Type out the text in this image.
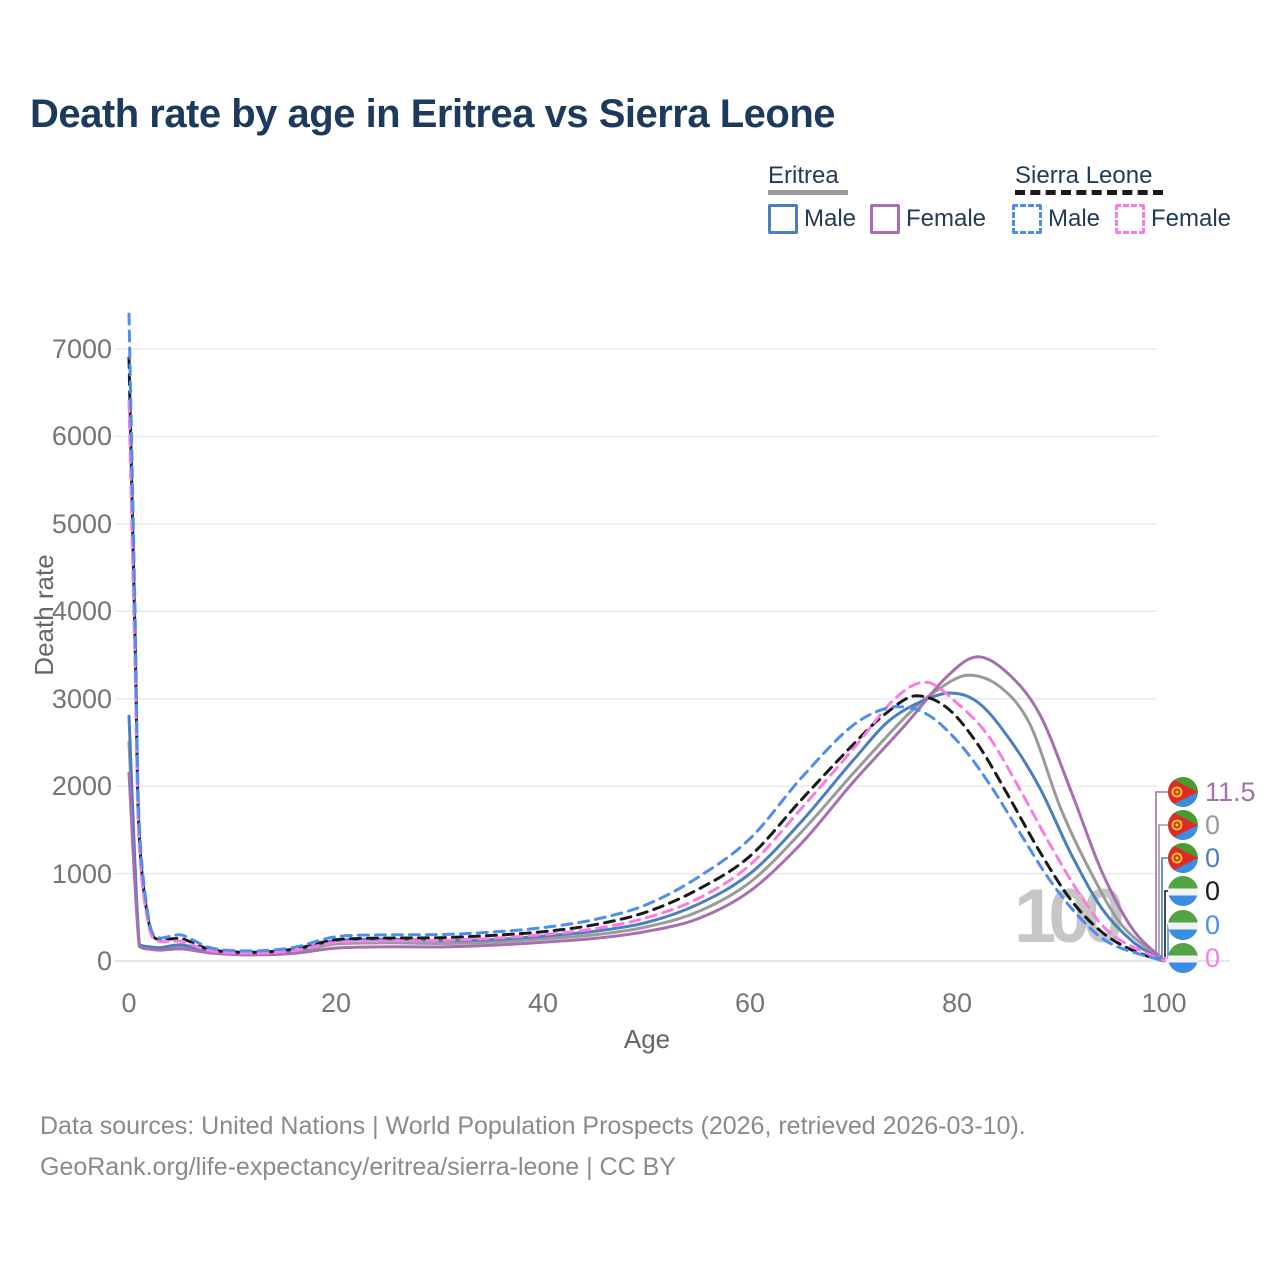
Death rate by age in Eritrea vs Sierra Leone
Eritrea	Sierra Leone
Male Female	Male Female
100
0
1000
2000
3000
4000
5000
6000
7000
0	20	40	60	80	100
Death rate
Age
11.5
0
0
0
0
0
Data sources: United Nations | World Population Prospects (2026, retrieved 2026-03-10).
GeoRank.org/life-expectancy/eritrea/sierra-leone | CC BY
